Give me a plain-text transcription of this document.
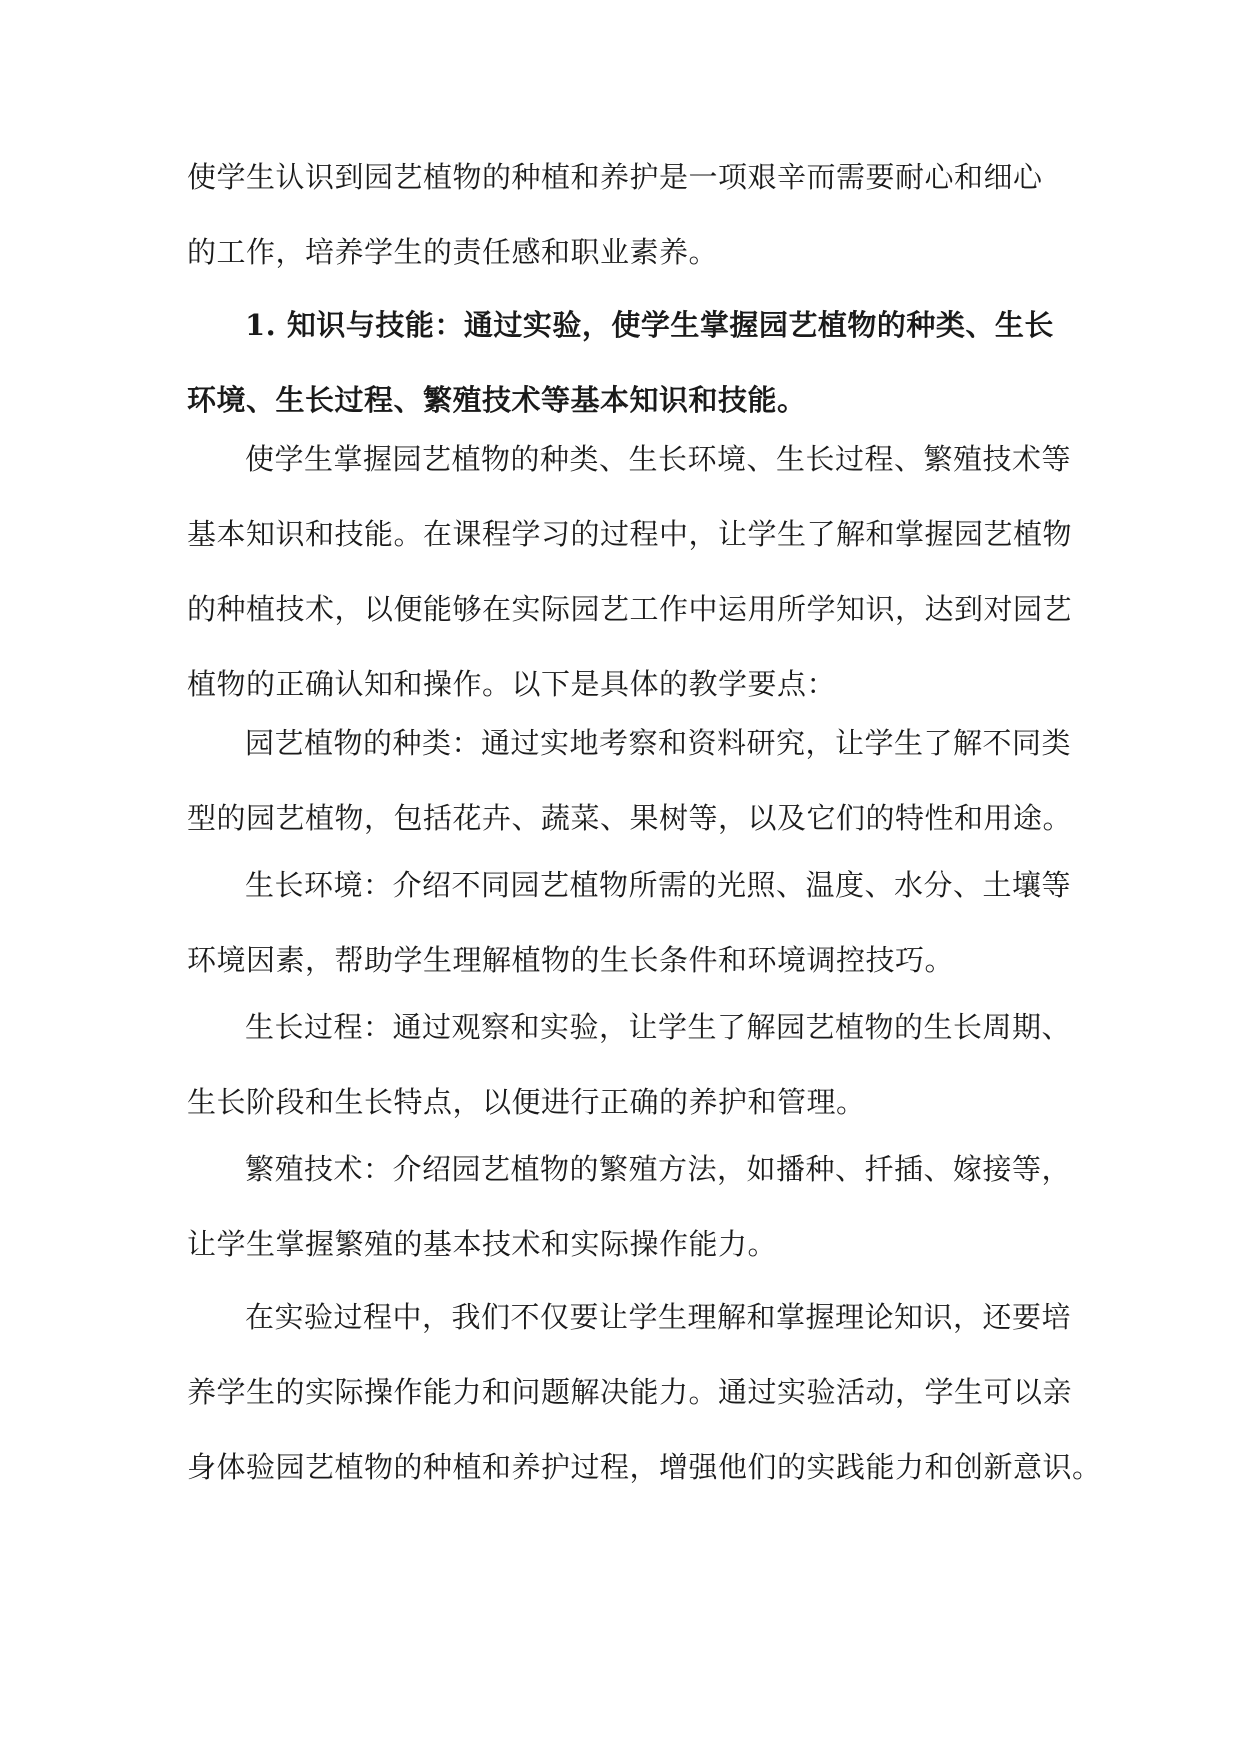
使学生认识到园艺植物的种植和养护是一项艰辛而需要耐心和细心
的工作，培养学生的责任感和职业素养。
1. 知识与技能：通过实验，使学生掌握园艺植物的种类、生长
环境、生长过程、繁殖技术等基本知识和技能。
使学生掌握园艺植物的种类、生长环境、生长过程、繁殖技术等
基本知识和技能。在课程学习的过程中，让学生了解和掌握园艺植物
的种植技术，以便能够在实际园艺工作中运用所学知识，达到对园艺
植物的正确认知和操作。以下是具体的教学要点：
园艺植物的种类：通过实地考察和资料研究，让学生了解不同类
型的园艺植物，包括花卉、蔬菜、果树等，以及它们的特性和用途。
生长环境：介绍不同园艺植物所需的光照、温度、水分、土壤等
环境因素，帮助学生理解植物的生长条件和环境调控技巧。
生长过程：通过观察和实验，让学生了解园艺植物的生长周期、
生长阶段和生长特点，以便进行正确的养护和管理。
繁殖技术：介绍园艺植物的繁殖方法，如播种、扦插、嫁接等，
让学生掌握繁殖的基本技术和实际操作能力。
在实验过程中，我们不仅要让学生理解和掌握理论知识，还要培
养学生的实际操作能力和问题解决能力。通过实验活动，学生可以亲
身体验园艺植物的种植和养护过程，增强他们的实践能力和创新意识。
